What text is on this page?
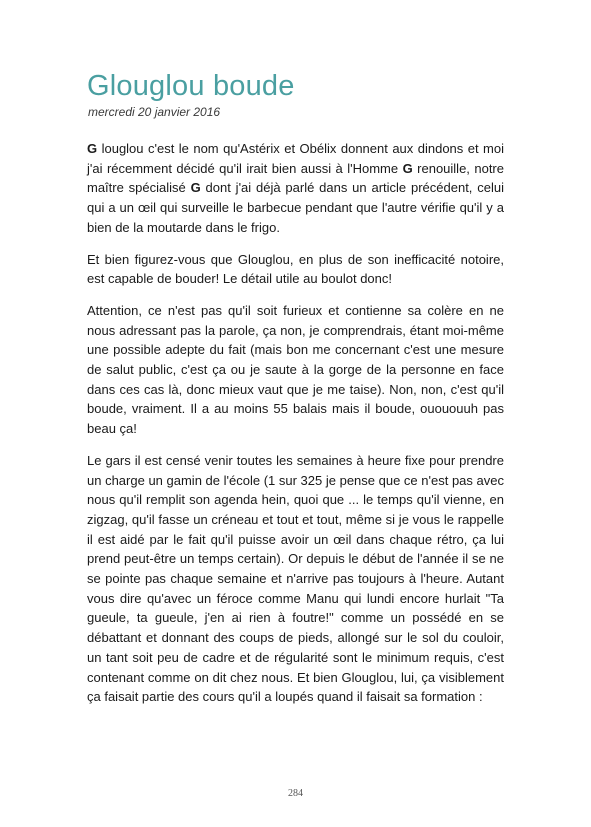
Glouglou boude
mercredi 20 janvier 2016

G louglou c'est le nom qu'Astérix et Obélix donnent aux dindons et moi j'ai récemment décidé qu'il irait bien aussi à l'Homme G renouille, notre maître spécialisé G dont j'ai déjà parlé dans un article précédent, celui qui a un œil qui surveille le barbecue pendant que l'autre vérifie qu'il y a bien de la moutarde dans le frigo.

Et bien figurez-vous que Glouglou, en plus de son inefficacité notoire, est capable de bouder! Le détail utile au boulot donc!

Attention, ce n'est pas qu'il soit furieux et contienne sa colère en ne nous adressant pas la parole, ça non, je comprendrais, étant moi-même une possible adepte du fait (mais bon me concernant c'est une mesure de salut public, c'est ça ou je saute à la gorge de la personne en face dans ces cas là, donc mieux vaut que je me taise). Non, non, c'est qu'il boude, vraiment. Il a au moins 55 balais mais il boude, ouououuh pas beau ça!

Le gars il est censé venir toutes les semaines à heure fixe pour prendre un charge un gamin de l'école (1 sur 325 je pense que ce n'est pas avec nous qu'il remplit son agenda hein, quoi que ... le temps qu'il vienne, en zigzag, qu'il fasse un créneau et tout et tout, même si je vous le rappelle il est aidé par le fait qu'il puisse avoir un œil dans chaque rétro, ça lui prend peut-être un temps certain). Or depuis le début de l'année il se ne se pointe pas chaque semaine et n'arrive pas toujours à l'heure. Autant vous dire qu'avec un féroce comme Manu qui lundi encore hurlait "Ta gueule, ta gueule, j'en ai rien à foutre!" comme un possédé en se débattant et donnant des coups de pieds, allongé sur le sol du couloir, un tant soit peu de cadre et de régularité sont le minimum requis, c'est contenant comme on dit chez nous. Et bien Glouglou, lui, ça visiblement ça faisait partie des cours qu'il a loupés quand il faisait sa formation :

284
